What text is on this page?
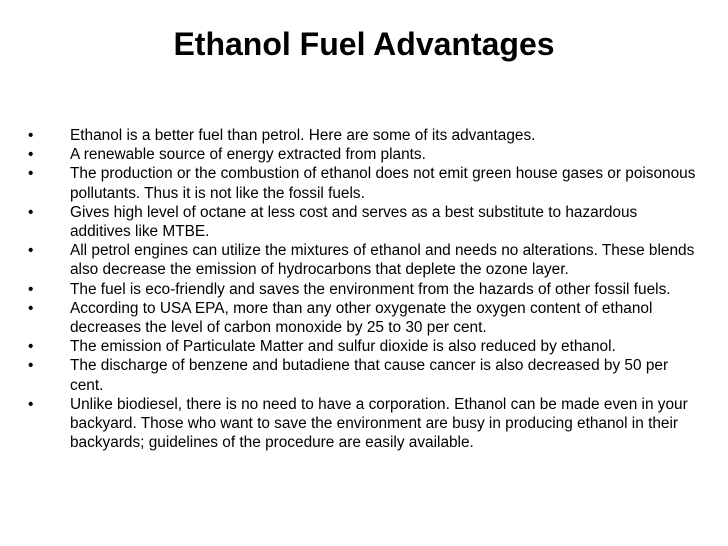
Ethanol Fuel Advantages
•	Ethanol is a better fuel than petrol. Here are some of its advantages.
•	A renewable source of energy extracted from plants.
•	The production or the combustion of ethanol does not emit green house gases or poisonous pollutants. Thus it is not like the fossil fuels.
•	Gives high level of octane at less cost and serves as a best substitute to hazardous additives like MTBE.
•	All petrol engines can utilize the mixtures of ethanol and needs no alterations. These blends also decrease the emission of hydrocarbons that deplete the ozone layer.
•	The fuel is eco-friendly and saves the environment from the hazards of other fossil fuels.
•	According to USA EPA, more than any other oxygenate the oxygen content of ethanol decreases the level of carbon monoxide by 25 to 30 per cent.
•	The emission of Particulate Matter and sulfur dioxide is also reduced by ethanol.
•	The discharge of benzene and butadiene that cause cancer is also decreased by 50 per cent.
•	Unlike biodiesel, there is no need to have a corporation. Ethanol can be made even in your backyard. Those who want to save the environment are busy in producing ethanol in their backyards; guidelines of the procedure are easily available.
